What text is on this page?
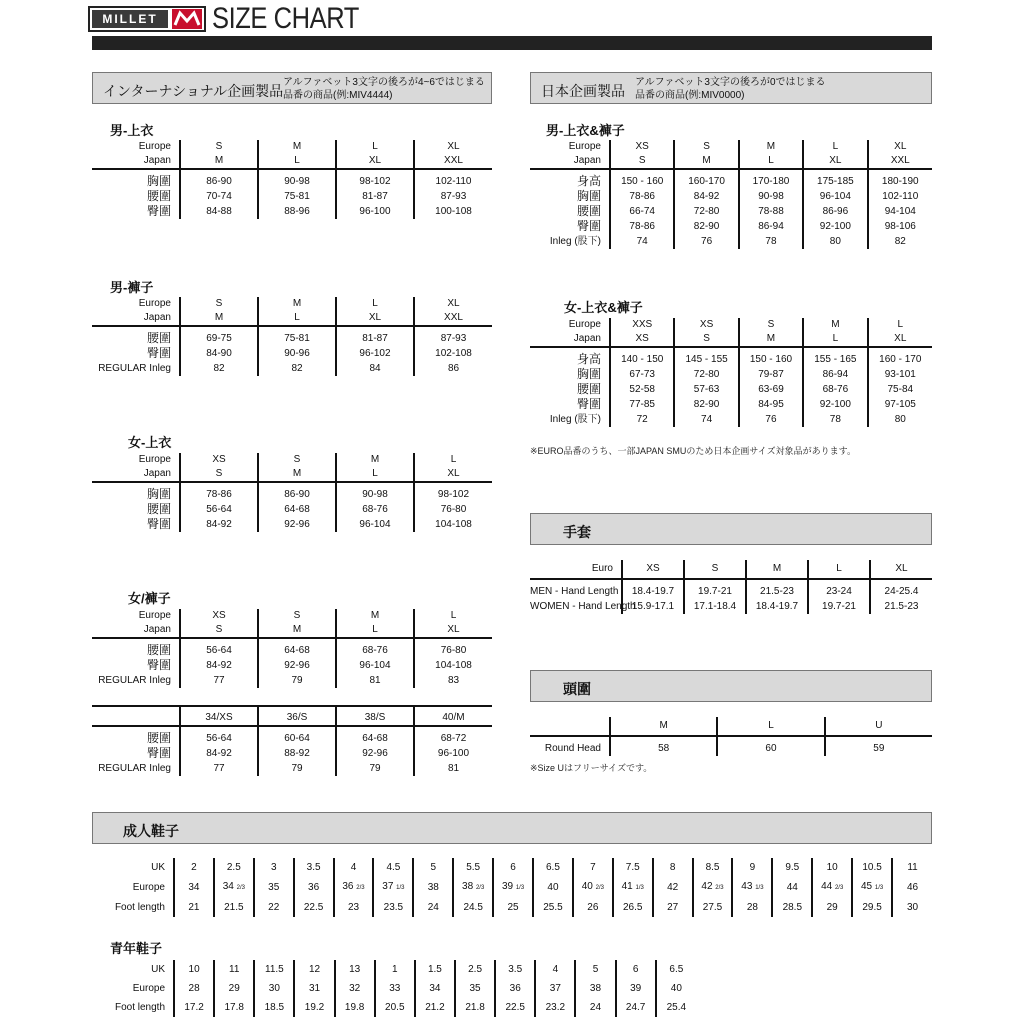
MILLET	SIZE CHART
インターナショナル企画製品
アルファベット3文字の後ろが4~6ではじまる
品番の商品(例:MIV4444)	日本企画製品
アルファベット3文字の後ろが0ではじまる
品番の商品(例:MIV0000)
手套
頭圍
成人鞋子
男-上衣
男-褲子
女-上衣
女/褲子
男-上衣&褲子
女-上衣&褲子
青年鞋子
※EURO品番のうち、一部JAPAN SMUのため日本企画サイズ対象品があります。
※Size Uはフリーサイズです。
Europe	S	M	L	XL
Japan	M	L	XL	XXL

胸圍	86-90	90-98	98-102	102-110
腰圍	70-74	75-81	81-87	87-93
臀圍	84-88	88-96	96-100	100-108
Europe	S	M	L	XL
Japan	M	L	XL	XXL

腰圍	69-75	75-81	81-87	87-93
臀圍	84-90	90-96	96-102	102-108
REGULAR Inleg	82	82	84	86
Europe	XS	S	M	L
Japan	S	M	L	XL

胸圍	78-86	86-90	90-98	98-102
腰圍	56-64	64-68	68-76	76-80
臀圍	84-92	92-96	96-104	104-108
Europe	XS	S	M	L
Japan	S	M	L	XL

腰圍	56-64	64-68	68-76	76-80
臀圍	84-92	92-96	96-104	104-108
REGULAR Inleg	77	79	81	83

	34/XS	36/S	38/S	40/M

腰圍	56-64	60-64	64-68	68-72
臀圍	84-92	88-92	92-96	96-100
REGULAR Inleg	77	79	79	81
Europe	XS	S	M	L	XL
Japan	S	M	L	XL	XXL

身高	150 - 160	160-170	170-180	175-185	180-190
胸圍	78-86	84-92	90-98	96-104	102-110
腰圍	66-74	72-80	78-88	86-96	94-104
臀圍	78-86	82-90	86-94	92-100	98-106
Inleg (股下)	74	76	78	80	82
Europe	XXS	XS	S	M	L
Japan	XS	S	M	L	XL

身高	140 - 150	145 - 155	150 - 160	155 - 165	160 - 170
胸圍	67-73	72-80	79-87	86-94	93-101
腰圍	52-58	57-63	63-69	68-76	75-84
臀圍	77-85	82-90	84-95	92-100	97-105
Inleg (股下)	72	74	76	78	80
Euro	XS	S	M	L	XL

MEN - Hand Length	18.4-19.7	19.7-21	21.5-23	23-24	24-25.4
WOMEN - Hand Length	15.9-17.1	17.1-18.4	18.4-19.7	19.7-21	21.5-23
	M	L	U

Round Head	58	60	59
UK	2	2.5	3	3.5	4	4.5	5	5.5	6	6.5	7	7.5	8	8.5	9	9.5	10	10.5	11
Europe	34	34 2/3	35	36	36 2/3	37 1/3	38	38 2/3	39 1/3	40	40 2/3	41 1/3	42	42 2/3	43 1/3	44	44 2/3	45 1/3	46
Foot length	21	21.5	22	22.5	23	23.5	24	24.5	25	25.5	26	26.5	27	27.5	28	28.5	29	29.5	30
UK	10	11	11.5	12	13	1	1.5	2.5	3.5	4	5	6	6.5
Europe	28	29	30	31	32	33	34	35	36	37	38	39	40
Foot length	17.2	17.8	18.5	19.2	19.8	20.5	21.2	21.8	22.5	23.2	24	24.7	25.4
